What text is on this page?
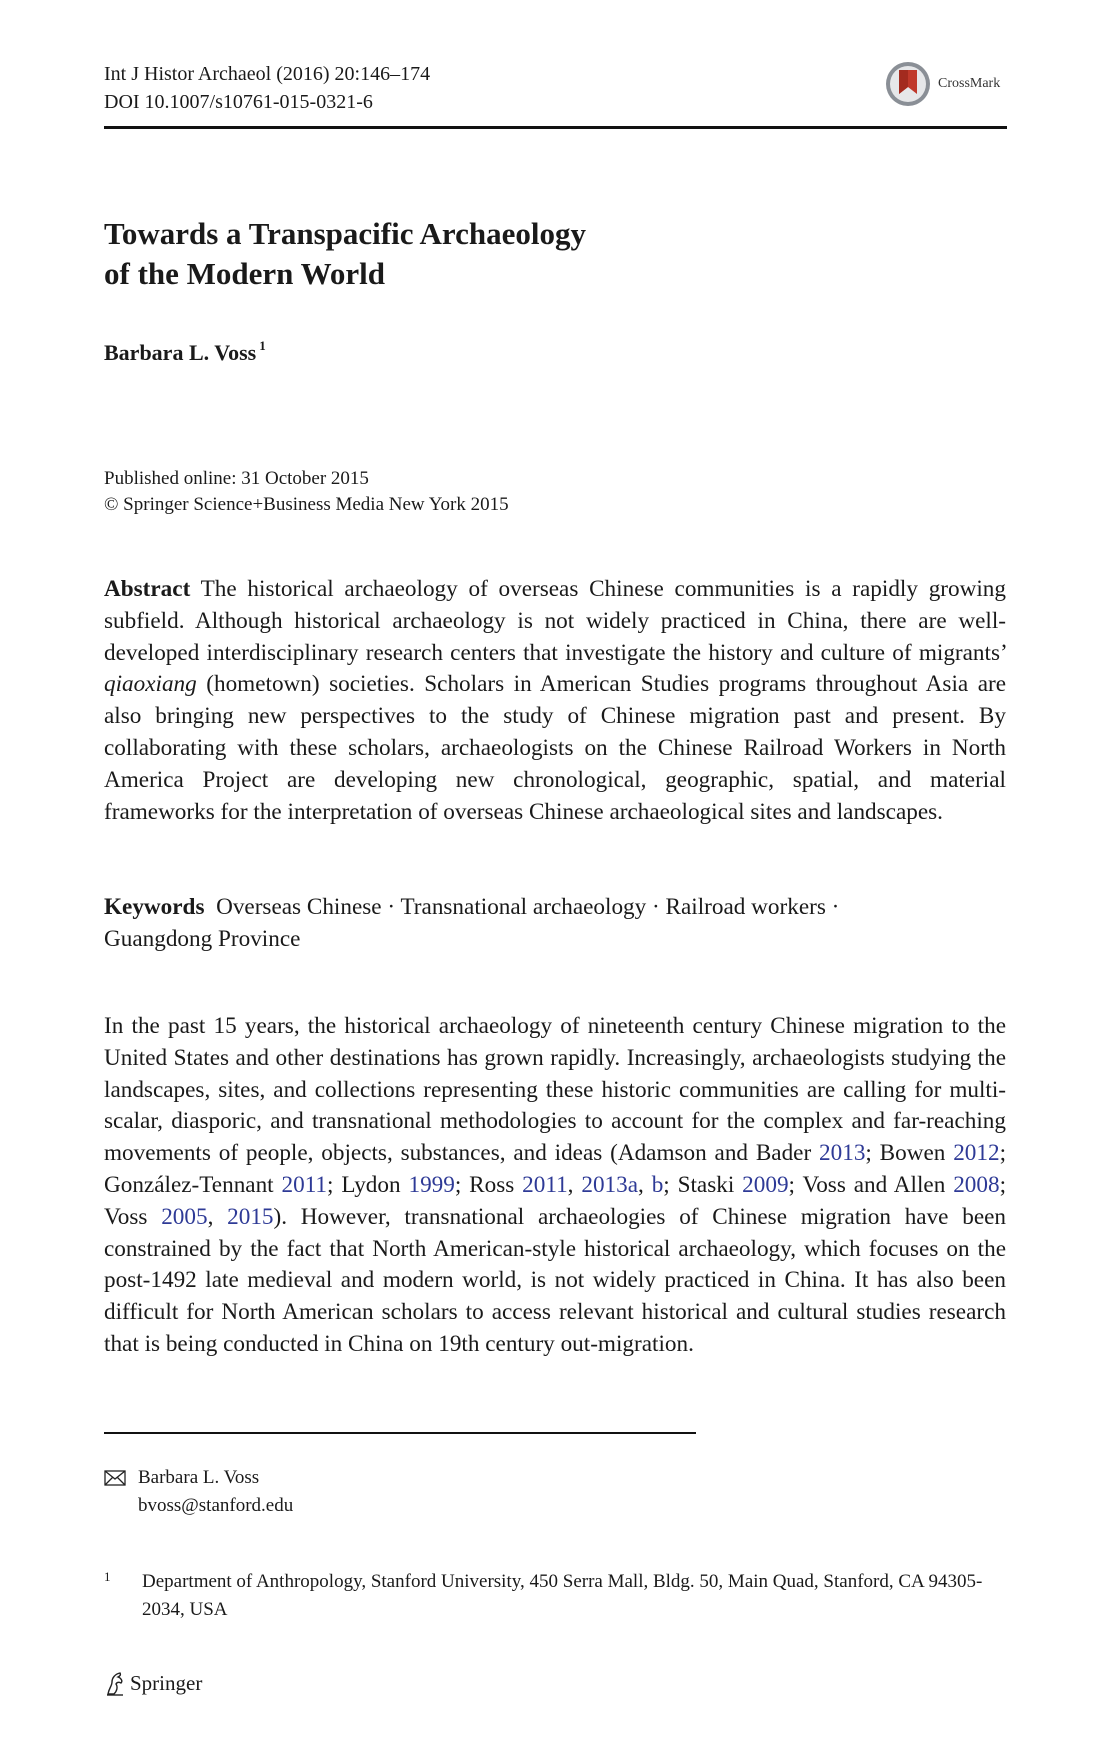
Int J Histor Archaeol (2016) 20:146–174
DOI 10.1007/s10761-015-0321-6
CrossMark
Towards a Transpacific Archaeology
of the Modern World
Barbara L. Voss $^1$
Published online: 31 October 2015
© Springer Science+Business Media New York 2015

Abstract The historical archaeology of overseas Chinese communities is a rapidly growing subfield. Although historical archaeology is not widely practiced in China, there are well-developed interdisciplinary research centers that investigate the history and culture of migrants’ qiaoxiang (hometown) societies. Scholars in American Studies programs throughout Asia are also bringing new perspectives to the study of Chinese migration past and present. By collaborating with these scholars, archaeologists on the Chinese Railroad Workers in North America Project are developing new chronological, geographic, spatial, and material frameworks for the interpretation of overseas Chinese archaeological sites and landscapes.

Keywords Overseas Chinese · Transnational archaeology · Railroad workers · Guangdong Province

In the past 15 years, the historical archaeology of nineteenth century Chinese migration to the United States and other destinations has grown rapidly. Increasingly, archaeologists studying the landscapes, sites, and collections representing these historic communities are calling for multi-scalar, diasporic, and transnational methodologies to account for the complex and far-reaching movements of people, objects, substances, and ideas (Adamson and Bader 2013; Bowen 2012; González-Tennant 2011; Lydon 1999; Ross 2011, 2013a, b; Staski 2009; Voss and Allen 2008; Voss 2005, 2015). However, transnational archaeologies of Chinese migration have been constrained by the fact that North American-style historical archaeology, which focuses on the post-1492 late medieval and modern world, is not widely practiced in China. It has also been difficult for North American scholars to access relevant historical and cultural studies research that is being conducted in China on 19th century out-migration.

Barbara L. Voss
bvoss@stanford.edu
1	Department of Anthropology, Stanford University, 450 Serra Mall, Bldg. 50, Main Quad, Stanford, CA 94305-2034, USA
Springer
